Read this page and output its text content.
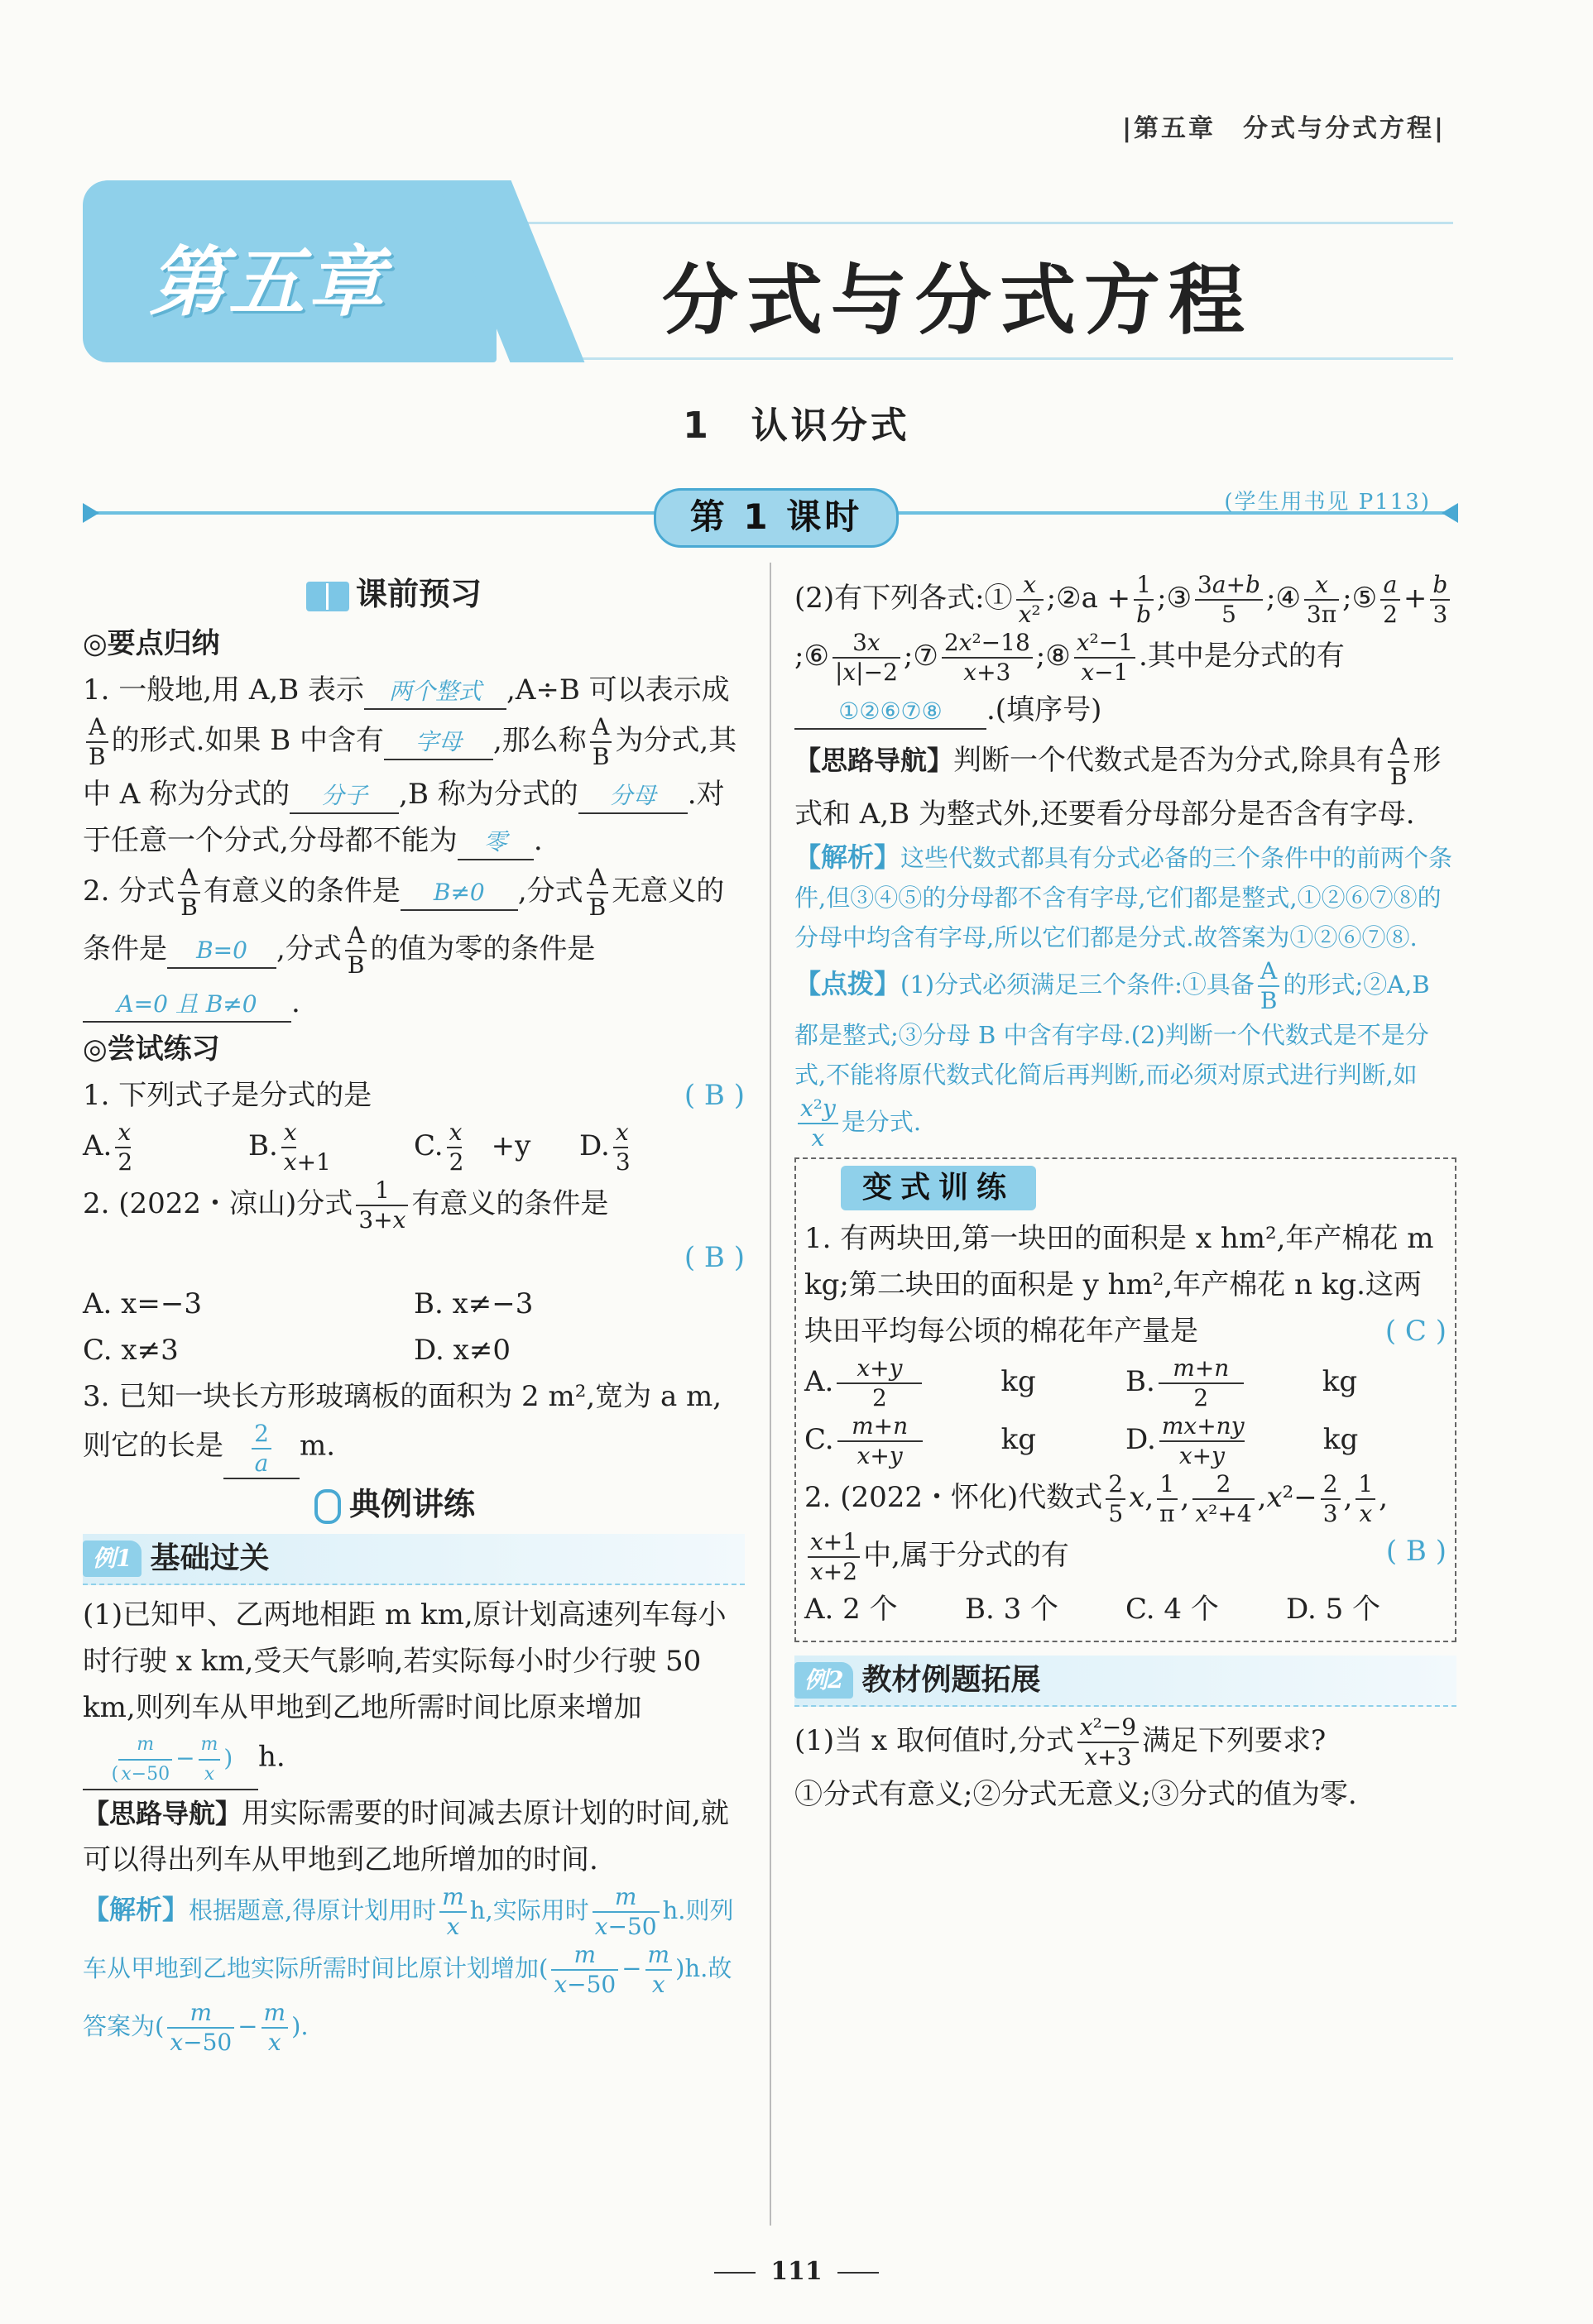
|第五章　分式与分式方程|
第五章	分式与分式方程
1　认识分式
第 1 课时	(学生用书见 P113)
课前预习
◎要点归纳

1. 一般地,用 A,B 表示 两个整式 ,A÷B 可以表示成
$\frac{A}{B}$ 的形式.如果 B 中含有 字母 ,那么称 $\frac{A}{B}$ 为分式,其中 A 称为分式的 分子 ,B 称为分式的 分母 .对于任意一个分式,分母都不能为 零 .

2. 分式 $\frac{A}{B}$ 有意义的条件是 B≠0 ,分式 $\frac{A}{B}$ 无意义的条件是 B=0 ,分式 $\frac{A}{B}$ 的值为零的条件是A=0 且 B≠0 .

◎尝试练习

1. 下列式子是分式的是	( B )

A. $\frac{x}{2}$	B. $\frac{x}{x+1}$	C. $\frac{x}{2} +y$	D. $\frac{x}{3}$

2. (2022・凉山)分式 $\frac{1}{3+x}$ 有意义的条件是

( B )

A. x=−3	B. x≠−3
C. x≠3	D. x≠0

3. 已知一块长方形玻璃板的面积为 2 m²,宽为 a m,则它的长是 $\frac{2}{a} m$.

典例讲练
例1 基础过关

(1)已知甲、乙两地相距 m km,原计划高速列车每小时行驶 x km,受天气影响,若实际每小时少行驶 50 km,则列车从甲地到乙地所需时间比原来增加( $\frac{m}{x-50} - \frac{m}{x}$ ) h.

【思路导航】用实际需要的时间减去原计划的时间,就可以得出列车从甲地到乙地所增加的时间.

【解析】根据题意,得原计划用时 $\frac{m}{x} h$,实际用时 $\frac{m}{x-50} h$.则列车从甲地到乙地实际所需时间比原计划增加( $\frac{m}{x-50} - \frac{m}{x} )h$.故答案为( $\frac{m}{x-50} - \frac{m}{x}$ ).

(2)有下列各式:① $\frac{x}{\text{x²}}$ ;②a + $\frac{1}{b}$ ;③ $\frac{3a+b}{5}$ ;④ $\frac{x}{3\pi}$ ;⑤ $\frac{a}{2} + \frac{b}{3}$
;⑥ $\frac{3x}{|x|-2}$ ;⑦ $\frac{\text{2x²−18}}{x+3}$ ;⑧ $\frac{\text{x²−1}}{x-1}$ .其中是分式的有①②⑥⑦⑧ .(填序号)

【思路导航】判断一个代数式是否为分式,除具有 $\frac{A}{B}$ 形式和 A,B 为整式外,还要看分母部分是否含有字母.

【解析】这些代数式都具有分式必备的三个条件中的前两个条件,但③④⑤的分母都不含有字母,它们都是整式,①②⑥⑦⑧的分母中均含有字母,所以它们都是分式.故答案为①②⑥⑦⑧.

【点拨】(1)分式必须满足三个条件:①具备 $\frac{A}{B}$ 的形式;②A,B 都是整式;③分母 B 中含有字母.(2)判断一个代数式是不是分式,不能将原代数式化简后再判断,而必须对原式进行判断,如
$\frac{\text{x²y}}{x}$ 是分式.

变式训练

1. 有两块田,第一块田的面积是 x hm²,年产棉花 m kg;第二块田的面积是 y hm²,年产棉花 n kg.这两块田平均每公顷的棉花年产量是	( C )

A. $\frac{x+y}{2}$ kg	B. $\frac{m+n}{2}$ kg
C. $\frac{m+n}{x+y}$ kg	D. $\frac{mx+ny}{x+y}$ kg

2. (2022・怀化)代数式 $\frac{2}{5} x$, $\frac{1}{\pi}$ , $\frac{2}{\text{x²+4}} ,x^2- \frac{2}{3}$ , $\frac{1}{x}$ ,
$\frac{x+1}{x+2}$ 中,属于分式的有	( B )

A. 2 个	B. 3 个	C. 4 个	D. 5 个
例2 教材例题拓展

(1)当 x 取何值时,分式 $\frac{\text{x²−9}}{x+3}$ 满足下列要求?
①分式有意义;②分式无意义;③分式的值为零.

111
